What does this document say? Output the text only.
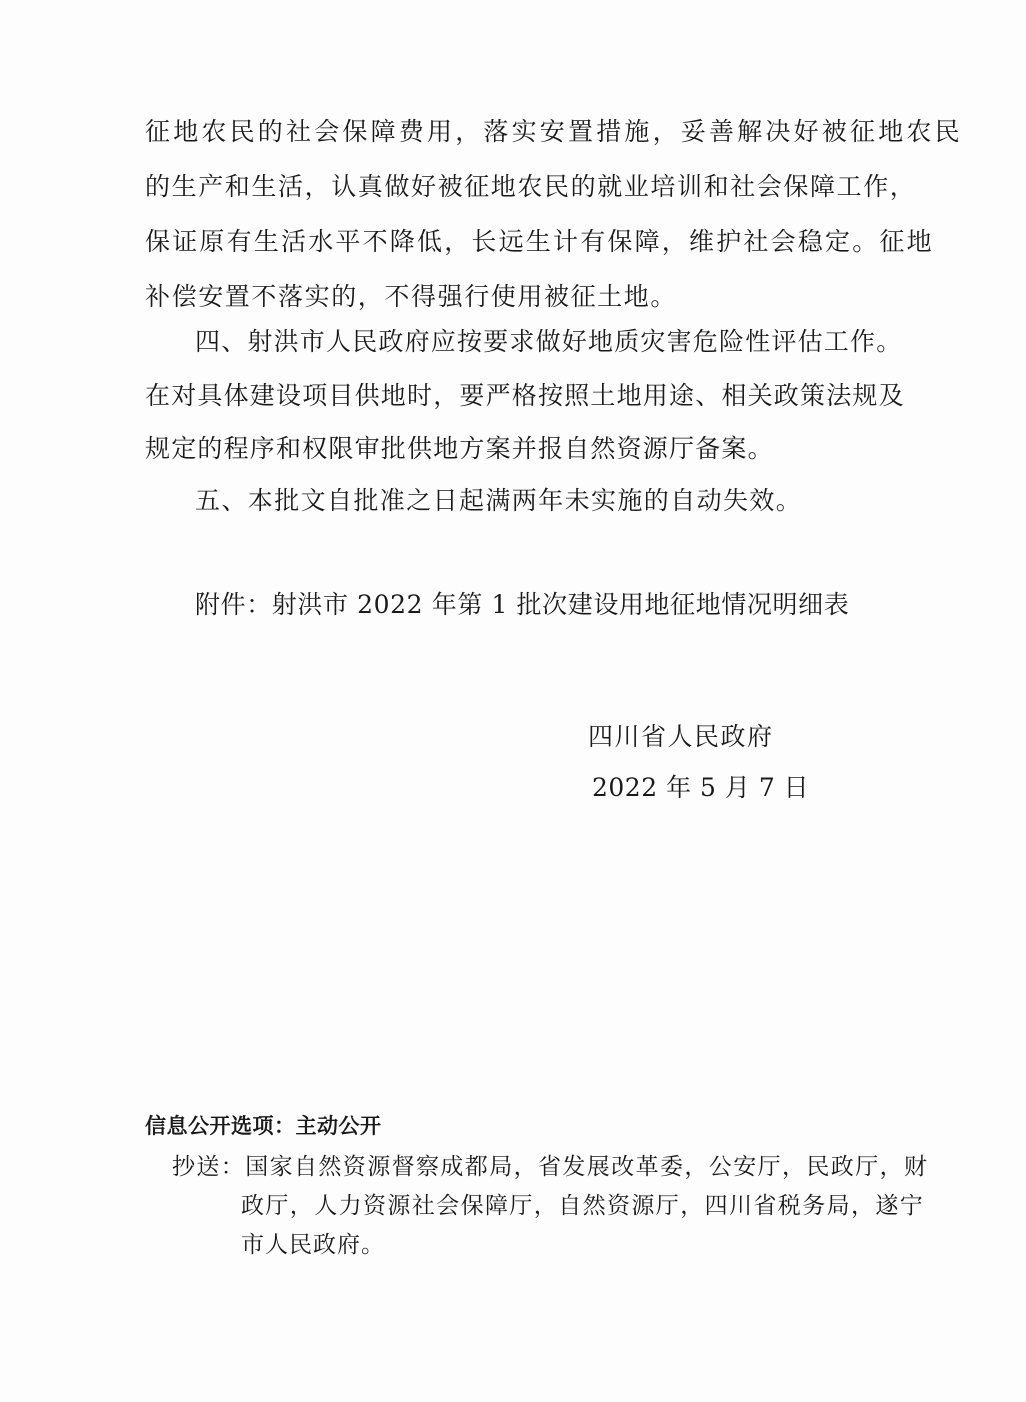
征地农民的社会保障费用，落实安置措施，妥善解决好被征地农民
的生产和生活，认真做好被征地农民的就业培训和社会保障工作，
保证原有生活水平不降低，长远生计有保障，维护社会稳定。征地
补偿安置不落实的，不得强行使用被征土地。
四、射洪市人民政府应按要求做好地质灾害危险性评估工作。
在对具体建设项目供地时，要严格按照土地用途、相关政策法规及
规定的程序和权限审批供地方案并报自然资源厅备案。
五、本批文自批准之日起满两年未实施的自动失效。
附件：射洪市 2022 年第 1 批次建设用地征地情况明细表
四川省人民政府
2022 年 5 月 7 日
信息公开选项：主动公开
抄送：国家自然资源督察成都局，省发展改革委，公安厅，民政厅，财
政厅，人力资源社会保障厅，自然资源厅，四川省税务局，遂宁
市人民政府。
